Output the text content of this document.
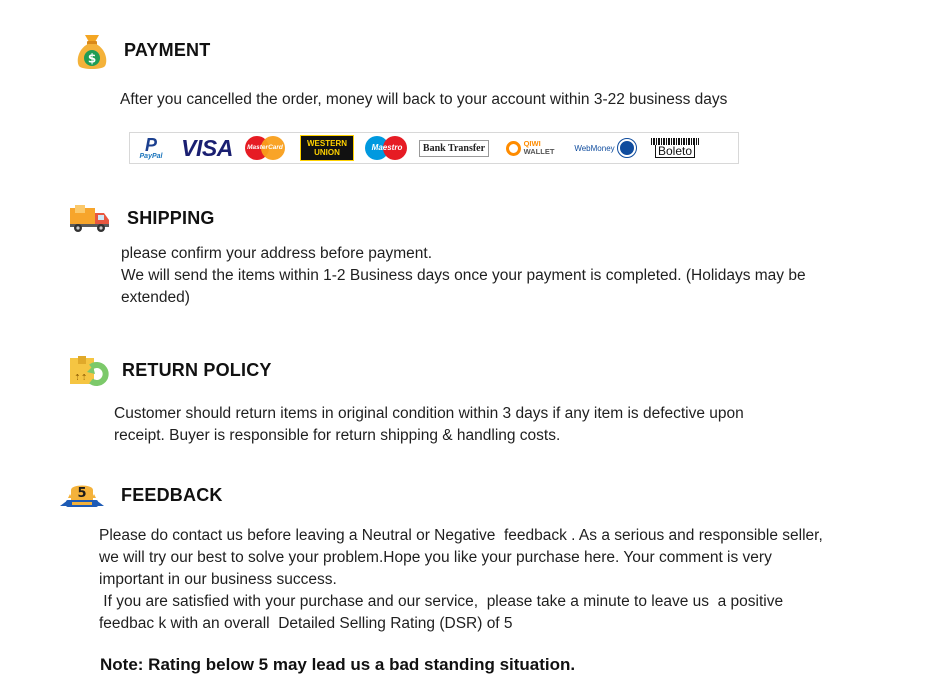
$ PAYMENT
After you cancelled the order, money will back to your account within 3-22 business days
P
PayPal VISA	MasterCard	WESTERN
UNION
Maestro	Bank Transfer	QIWI
WALLET WebMoney	Boleto
SHIPPING
please confirm your address before payment.
We will send the items within 1-2 Business days once your payment is completed. (Holidays may be
extended)
⇡⇡ RETURN POLICY
Customer should return items in original condition within 3 days if any item is defective upon
receipt. Buyer is responsible for return shipping & handling costs.
5 FEEDBACK
Please do contact us before leaving a Neutral or Negative  feedback . As a serious and responsible seller,
we will try our best to solve your problem.Hope you like your purchase here. Your comment is very
important in our business success.
If you are satisfied with your purchase and our service,  please take a minute to leave us  a positive
feedbac k with an overall  Detailed Selling Rating (DSR) of 5
Note: Rating below 5 may lead us a bad standing situation.
